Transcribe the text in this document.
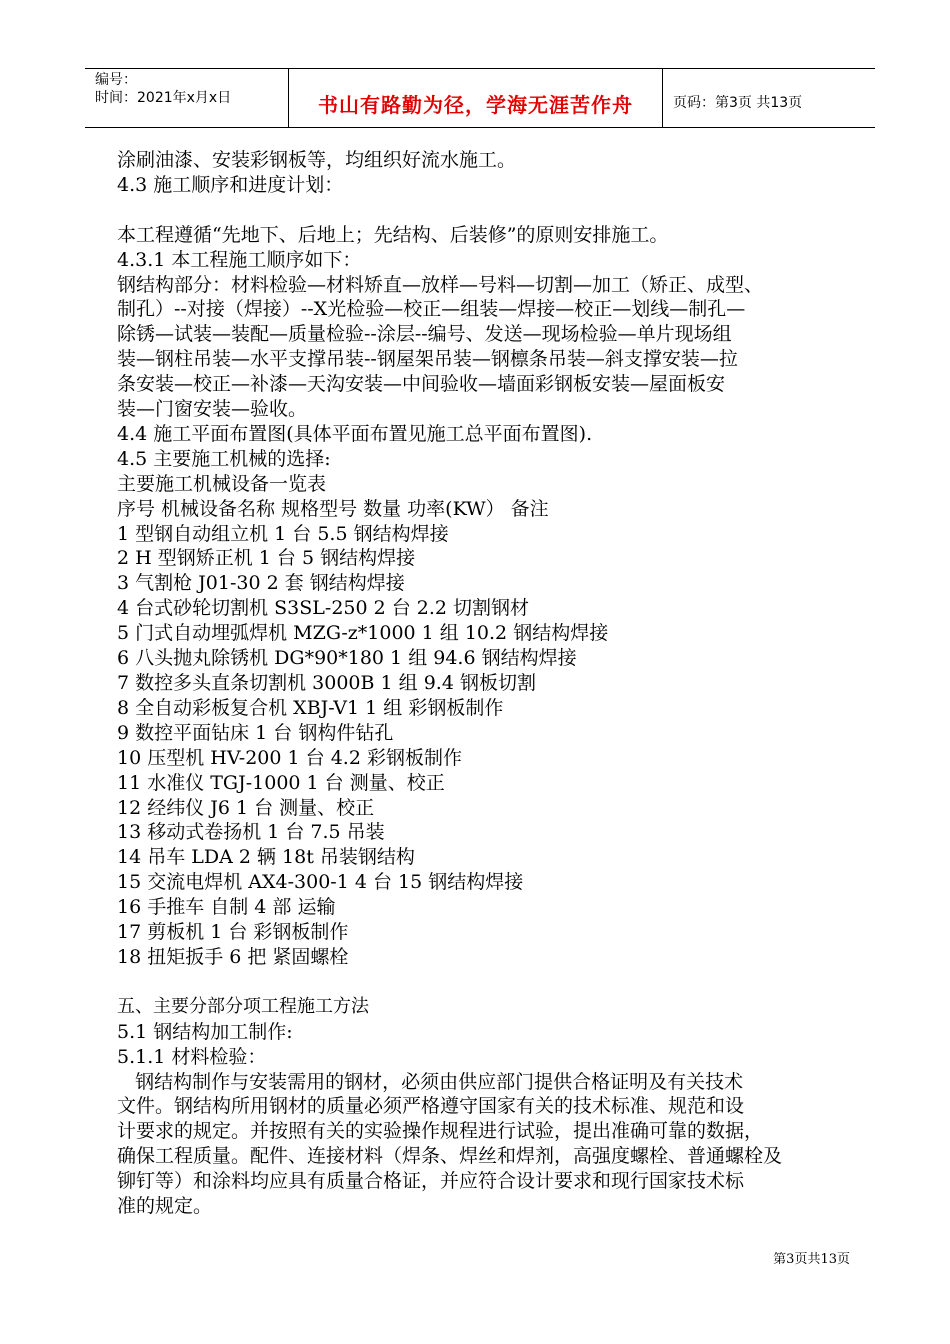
编号：
时间：2021年x月x日	书山有路勤为径，学海无涯苦作舟	页码：第3页 共13页

涂刷油漆、安装彩钢板等，均组织好流水施工。

4.3 施工顺序和进度计划：

本工程遵循“先地下、后地上；先结构、后装修”的原则安排施工。

4.3.1 本工程施工顺序如下：

钢结构部分：材料检验—材料矫直—放样—号料—切割—加工（矫正、成型、

制孔）--对接（焊接）--X光检验—校正—组装—焊接—校正—划线—制孔—

除锈—试装—装配—质量检验--涂层--编号、发送—现场检验—单片现场组

装—钢柱吊装—水平支撑吊装--钢屋架吊装—钢檩条吊装—斜支撑安装—拉

条安装—校正—补漆—天沟安装—中间验收—墙面彩钢板安装—屋面板安

装—门窗安装—验收。

4.4 施工平面布置图(具体平面布置见施工总平面布置图).

4.5 主要施工机械的选择:

主要施工机械设备一览表

序号 机械设备名称 规格型号 数量 功率(KW） 备注

1 型钢自动组立机 1 台 5.5 钢结构焊接

2 H 型钢矫正机 1 台 5 钢结构焊接

3 气割枪 J01-30 2 套 钢结构焊接

4 台式砂轮切割机 S3SL-250 2 台 2.2 切割钢材

5 门式自动埋弧焊机 MZG-z*1000 1 组 10.2 钢结构焊接

6 八头抛丸除锈机 DG*90*180 1 组 94.6 钢结构焊接

7 数控多头直条切割机 3000B 1 组 9.4 钢板切割

8 全自动彩板复合机 XBJ-V1 1 组 彩钢板制作

9 数控平面钻床 1 台 钢构件钻孔

10 压型机 HV-200 1 台 4.2 彩钢板制作

11 水准仪 TGJ-1000 1 台 测量、校正

12 经纬仪 J6 1 台 测量、校正

13 移动式卷扬机 1 台 7.5 吊装

14 吊车 LDA 2 辆 18t 吊装钢结构

15 交流电焊机 AX4-300-1 4 台 15 钢结构焊接

16 手推车 自制 4 部 运输

17 剪板机 1 台 彩钢板制作

18 扭矩扳手 6 把 紧固螺栓

五、主要分部分项工程施工方法

5.1 钢结构加工制作:

5.1.1 材料检验：

钢结构制作与安装需用的钢材，必须由供应部门提供合格证明及有关技术

文件。钢结构所用钢材的质量必须严格遵守国家有关的技术标准、规范和设

计要求的规定。并按照有关的实验操作规程进行试验，提出准确可靠的数据，

确保工程质量。配件、连接材料（焊条、焊丝和焊剂，高强度螺栓、普通螺栓及

铆钉等）和涂料均应具有质量合格证，并应符合设计要求和现行国家技术标

准的规定。

第3页共13页
